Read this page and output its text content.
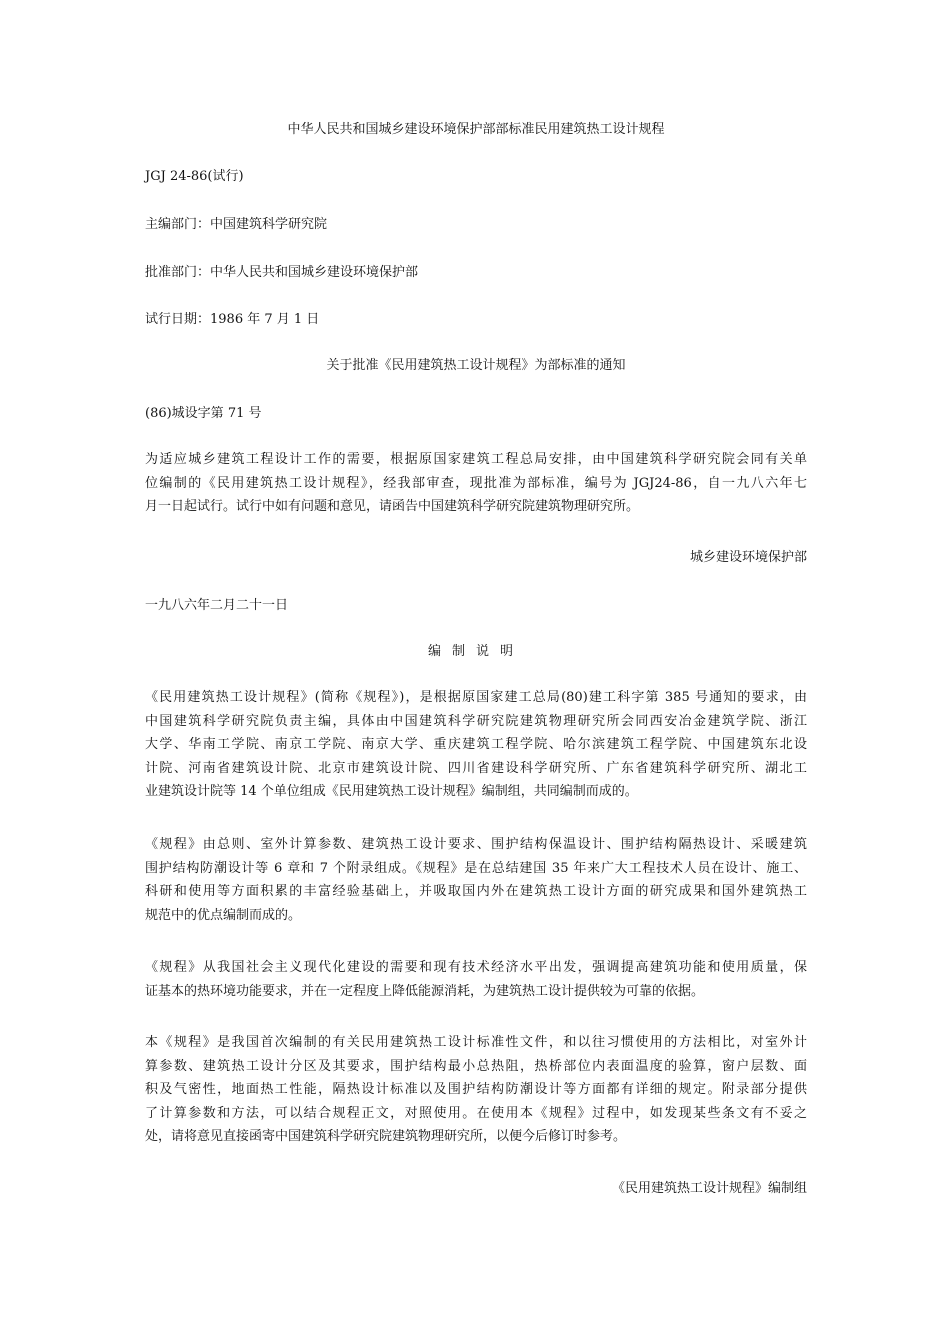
中华人民共和国城乡建设环境保护部部标准民用建筑热工设计规程
JGJ 24-86(试行)
主编部门：中国建筑科学研究院
批准部门：中华人民共和国城乡建设环境保护部
试行日期：1986 年 7 月 1 日
关于批准《民用建筑热工设计规程》为部标准的通知
(86)城设字第 71 号
为适应城乡建筑工程设计工作的需要，根据原国家建筑工程总局安排，由中国建筑科学研究院会同有关单
位编制的《民用建筑热工设计规程》，经我部审查，现批准为部标准，编号为 JGJ24-86，自一九八六年七
月一日起试行。试行中如有问题和意见，请函告中国建筑科学研究院建筑物理研究所。
城乡建设环境保护部
一九八六年二月二十一日
编制说明
《民用建筑热工设计规程》(简称《规程》)，是根据原国家建工总局(80)建工科字第 385 号通知的要求，由
中国建筑科学研究院负责主编，具体由中国建筑科学研究院建筑物理研究所会同西安冶金建筑学院、浙江
大学、华南工学院、南京工学院、南京大学、重庆建筑工程学院、哈尔滨建筑工程学院、中国建筑东北设
计院、河南省建筑设计院、北京市建筑设计院、四川省建设科学研究所、广东省建筑科学研究所、湖北工
业建筑设计院等 14 个单位组成《民用建筑热工设计规程》编制组，共同编制而成的。
《规程》由总则、室外计算参数、建筑热工设计要求、围护结构保温设计、围护结构隔热设计、采暖建筑
围护结构防潮设计等 6 章和 7 个附录组成。《规程》是在总结建国 35 年来广大工程技术人员在设计、施工、
科研和使用等方面积累的丰富经验基础上，并吸取国内外在建筑热工设计方面的研究成果和国外建筑热工
规范中的优点编制而成的。
《规程》从我国社会主义现代化建设的需要和现有技术经济水平出发，强调提高建筑功能和使用质量，保
证基本的热环境功能要求，并在一定程度上降低能源消耗，为建筑热工设计提供较为可靠的依据。
本《规程》是我国首次编制的有关民用建筑热工设计标准性文件，和以往习惯使用的方法相比，对室外计
算参数、建筑热工设计分区及其要求，围护结构最小总热阻，热桥部位内表面温度的验算，窗户层数、面
积及气密性，地面热工性能，隔热设计标准以及围护结构防潮设计等方面都有详细的规定。附录部分提供
了计算参数和方法，可以结合规程正文，对照使用。在使用本《规程》过程中，如发现某些条文有不妥之
处，请将意见直接函寄中国建筑科学研究院建筑物理研究所，以便今后修订时参考。
《民用建筑热工设计规程》编制组
